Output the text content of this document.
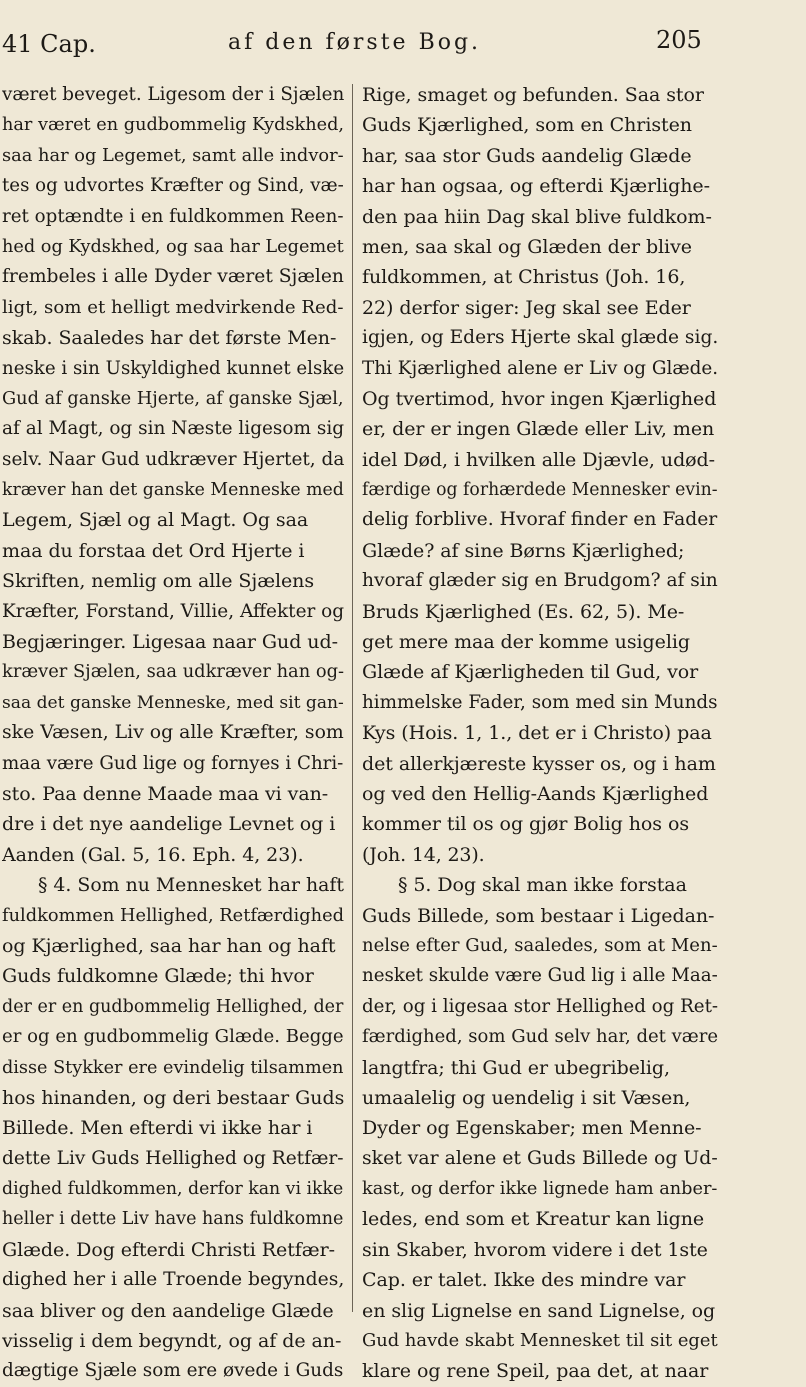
41 Cap.	af den første Bog.	205
været beveget. Ligesom der i Sjælen
har været en gudbommelig Kydskhed,
saa har og Legemet, samt alle indvor-
tes og udvortes Kræfter og Sind, væ-
ret optændte i en fuldkommen Reen-
hed og Kydskhed, og saa har Legemet
frembeles i alle Dyder været Sjælen
ligt, som et helligt medvirkende Red-
skab. Saaledes har det første Men-
neske i sin Uskyldighed kunnet elske
Gud af ganske Hjerte, af ganske Sjæl,
af al Magt, og sin Næste ligesom sig
selv. Naar Gud udkræver Hjertet, da
kræver han det ganske Menneske med
Legem, Sjæl og al Magt. Og saa
maa du forstaa det Ord Hjerte i
Skriften, nemlig om alle Sjælens
Kræfter, Forstand, Villie, Affekter og
Begjæringer. Ligesaa naar Gud ud-
kræver Sjælen, saa udkræver han og-
saa det ganske Menneske, med sit gan-
ske Væsen, Liv og alle Kræfter, som
maa være Gud lige og fornyes i Chri-
sto. Paa denne Maade maa vi van-
dre i det nye aandelige Levnet og i
Aanden (Gal. 5, 16. Eph. 4, 23).
§ 4. Som nu Mennesket har haft
fuldkommen Hellighed, Retfærdighed
og Kjærlighed, saa har han og haft
Guds fuldkomne Glæde; thi hvor
der er en gudbommelig Hellighed, der
er og en gudbommelig Glæde. Begge
disse Stykker ere evindelig tilsammen
hos hinanden, og deri bestaar Guds
Billede. Men efterdi vi ikke har i
dette Liv Guds Hellighed og Retfær-
dighed fuldkommen, derfor kan vi ikke
heller i dette Liv have hans fuldkomne
Glæde. Dog efterdi Christi Retfær-
dighed her i alle Troende begyndes,
saa bliver og den aandelige Glæde
visselig i dem begyndt, og af de an-
dægtige Sjæle som ere øvede i Guds
Rige, smaget og befunden. Saa stor
Guds Kjærlighed, som en Christen
har, saa stor Guds aandelig Glæde
har han ogsaa, og efterdi Kjærlighe-
den paa hiin Dag skal blive fuldkom-
men, saa skal og Glæden der blive
fuldkommen, at Christus (Joh. 16,
22) derfor siger: Jeg skal see Eder
igjen, og Eders Hjerte skal glæde sig.
Thi Kjærlighed alene er Liv og Glæde.
Og tvertimod, hvor ingen Kjærlighed
er, der er ingen Glæde eller Liv, men
idel Død, i hvilken alle Djævle, udød-
færdige og forhærdede Mennesker evin-
delig forblive. Hvoraf finder en Fader
Glæde? af sine Børns Kjærlighed;
hvoraf glæder sig en Brudgom? af sin
Bruds Kjærlighed (Es. 62, 5). Me-
get mere maa der komme usigelig
Glæde af Kjærligheden til Gud, vor
himmelske Fader, som med sin Munds
Kys (Hois. 1, 1., det er i Christo) paa
det allerkjæreste kysser os, og i ham
og ved den Hellig-Aands Kjærlighed
kommer til os og gjør Bolig hos os
(Joh. 14, 23).
§ 5. Dog skal man ikke forstaa
Guds Billede, som bestaar i Ligedan-
nelse efter Gud, saaledes, som at Men-
nesket skulde være Gud lig i alle Maa-
der, og i ligesaa stor Hellighed og Ret-
færdighed, som Gud selv har, det være
langtfra; thi Gud er ubegribelig,
umaalelig og uendelig i sit Væsen,
Dyder og Egenskaber; men Menne-
sket var alene et Guds Billede og Ud-
kast, og derfor ikke lignede ham anber-
ledes, end som et Kreatur kan ligne
sin Skaber, hvorom videre i det 1ste
Cap. er talet. Ikke des mindre var
en slig Lignelse en sand Lignelse, og
Gud havde skabt Mennesket til sit eget
klare og rene Speil, paa det, at naar
